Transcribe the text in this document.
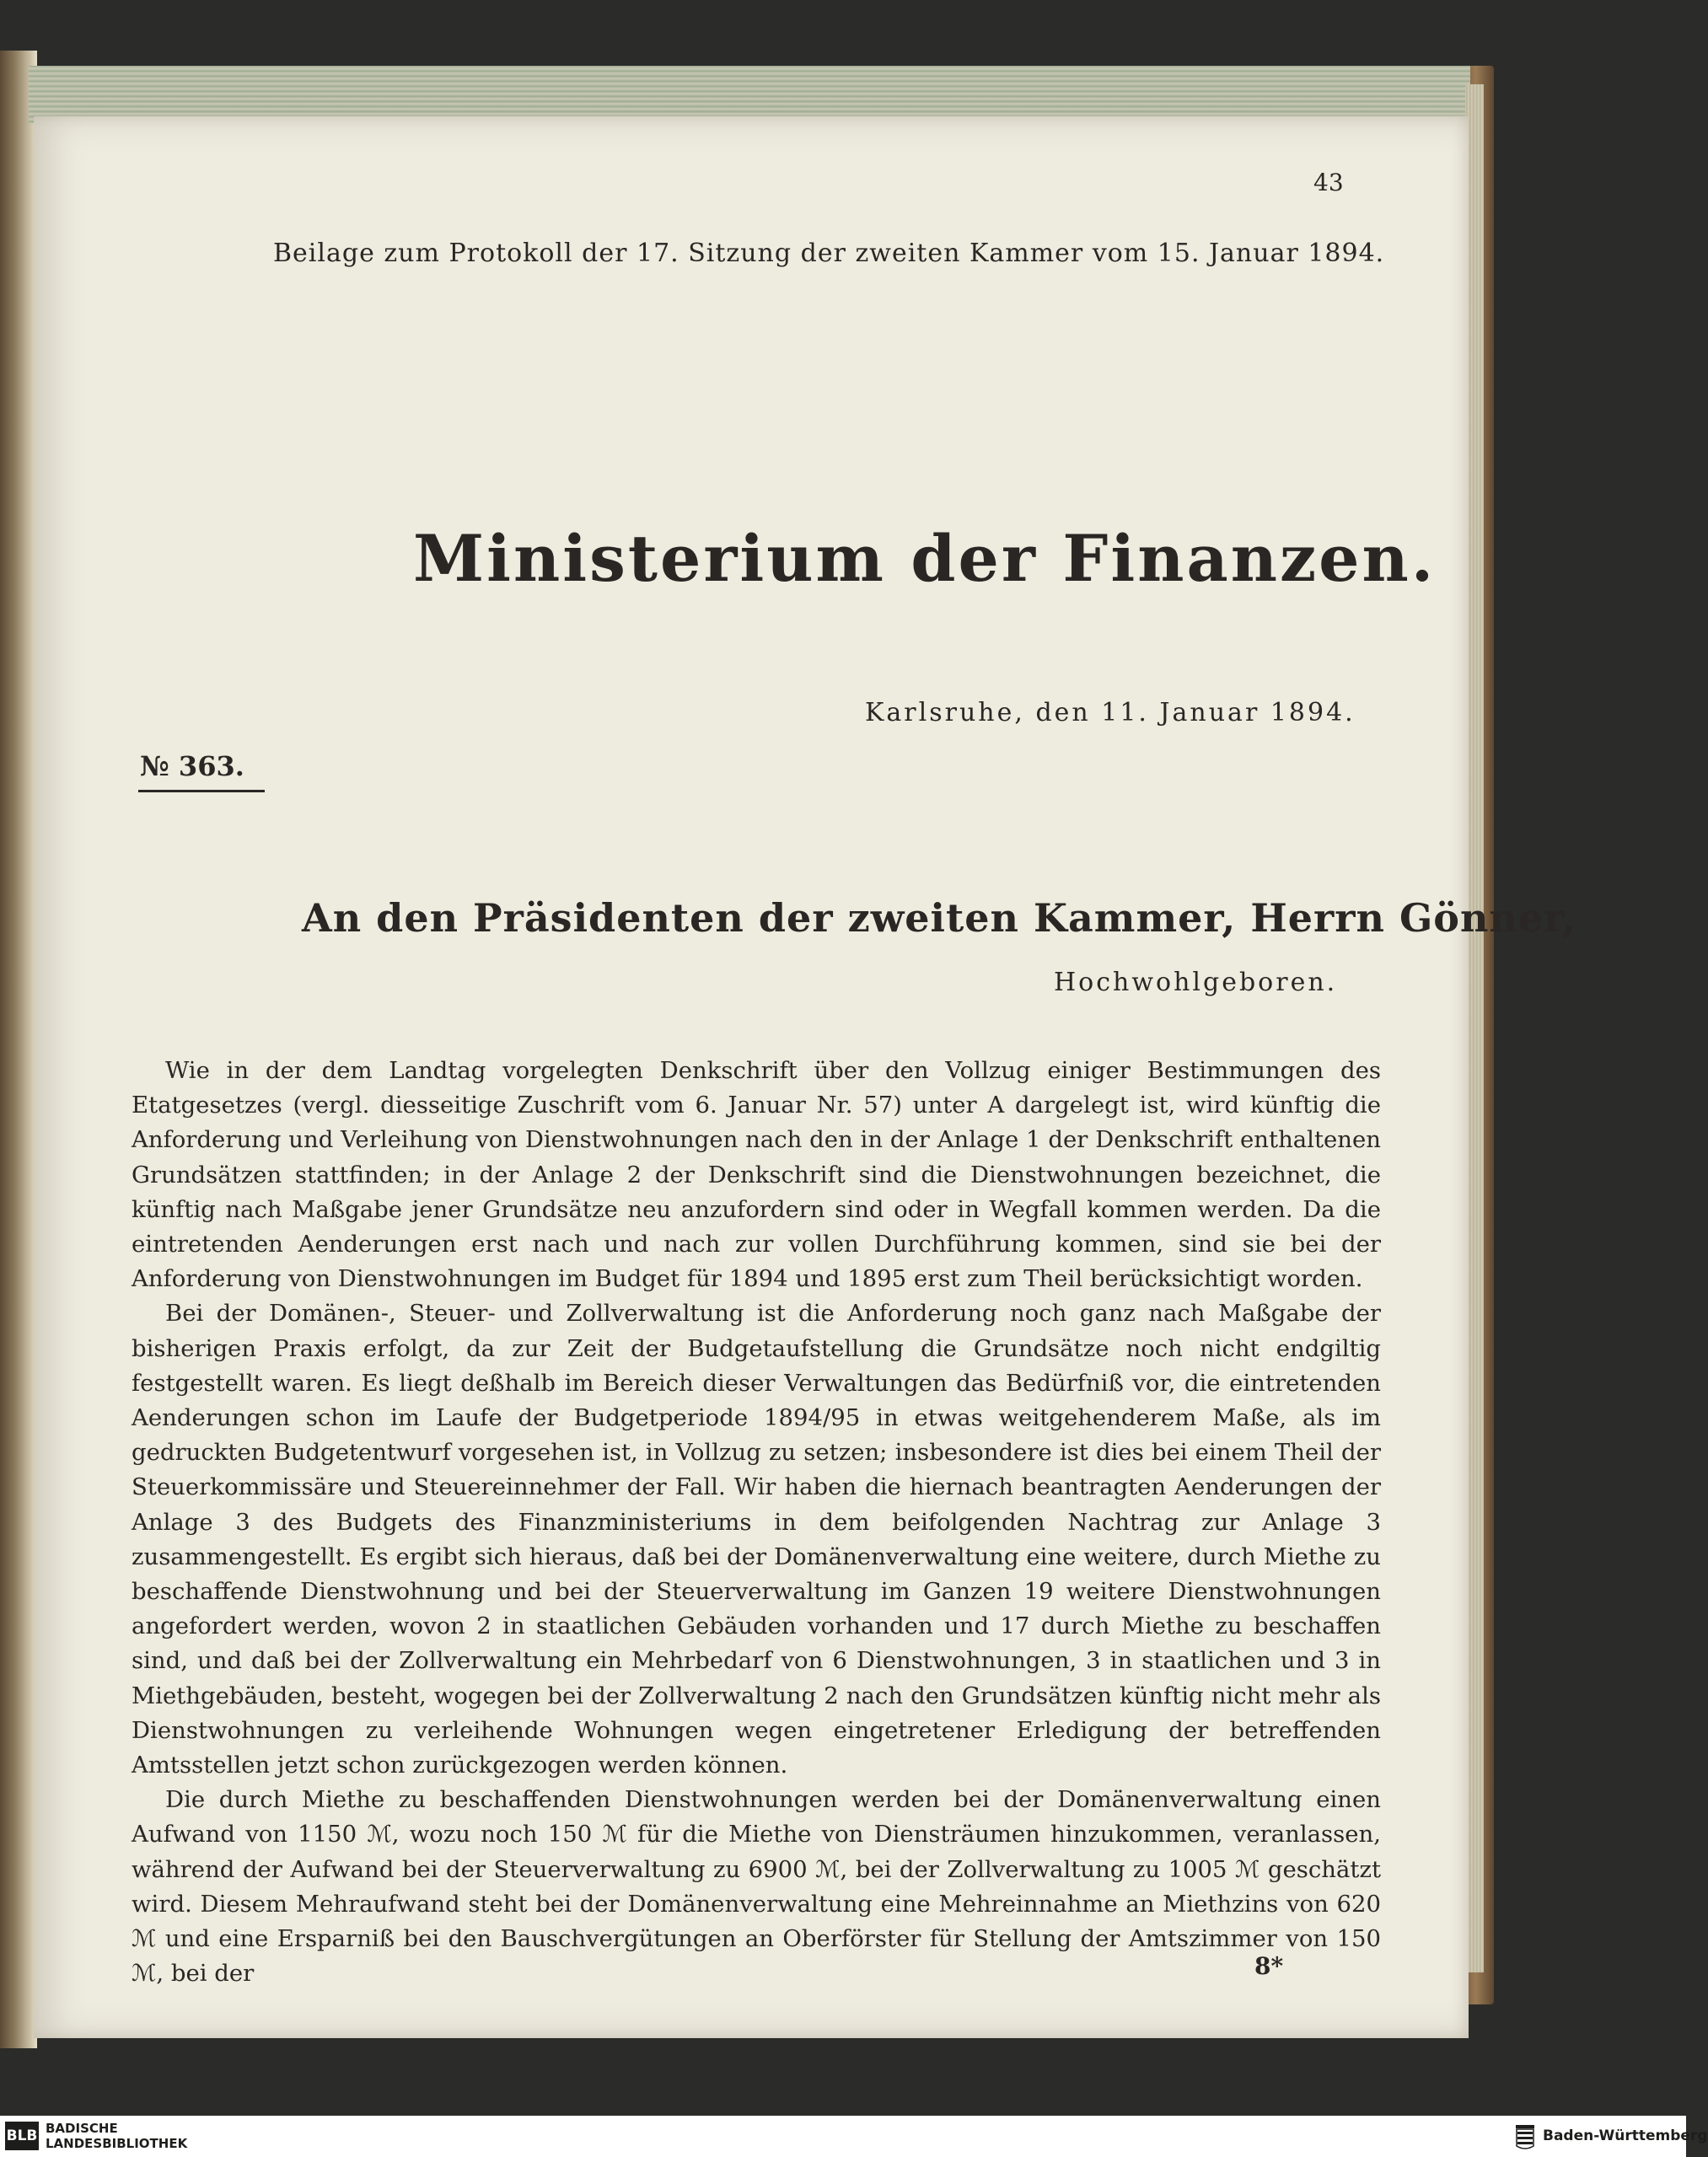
43
Beilage zum Protokoll der 17. Sitzung der zweiten Kammer vom 15. Januar 1894.
Ministerium der Finanzen.
Karlsruhe, den 11. Januar 1894.
№ 363.
An den Präsidenten der zweiten Kammer, Herrn Gönner,
Hochwohlgeboren.

Wie in der dem Landtag vorgelegten Denkschrift über den Vollzug einiger Bestimmungen des Etatgesetzes (vergl. diesseitige Zuschrift vom 6. Januar Nr. 57) unter A dargelegt ist, wird künftig die Anforderung und Verleihung von Dienstwohnungen nach den in der Anlage 1 der Denkschrift enthaltenen Grundsätzen stattfinden; in der Anlage 2 der Denkschrift sind die Dienstwohnungen bezeichnet, die künftig nach Maßgabe jener Grundsätze neu anzufordern sind oder in Wegfall kommen werden. Da die eintretenden Aenderungen erst nach und nach zur vollen Durchführung kommen, sind sie bei der Anforderung von Dienstwohnungen im Budget für 1894 und 1895 erst zum Theil berücksichtigt worden.

Bei der Domänen-, Steuer- und Zollverwaltung ist die Anforderung noch ganz nach Maßgabe der bisherigen Praxis erfolgt, da zur Zeit der Budgetaufstellung die Grundsätze noch nicht endgiltig festgestellt waren. Es liegt deßhalb im Bereich dieser Verwaltungen das Bedürfniß vor, die eintretenden Aenderungen schon im Laufe der Budgetperiode 1894/95 in etwas weitgehenderem Maße, als im gedruckten Budgetentwurf vorgesehen ist, in Vollzug zu setzen; insbesondere ist dies bei einem Theil der Steuerkommissäre und Steuereinnehmer der Fall. Wir haben die hiernach beantragten Aenderungen der Anlage 3 des Budgets des Finanzministeriums in dem beifolgenden Nachtrag zur Anlage 3 zusammengestellt. Es ergibt sich hieraus, daß bei der Domänenverwaltung eine weitere, durch Miethe zu beschaffende Dienstwohnung und bei der Steuerverwaltung im Ganzen 19 weitere Dienstwohnungen angefordert werden, wovon 2 in staatlichen Gebäuden vorhanden und 17 durch Miethe zu beschaffen sind, und daß bei der Zollverwaltung ein Mehrbedarf von 6 Dienstwohnungen, 3 in staatlichen und 3 in Miethgebäuden, besteht, wogegen bei der Zollverwaltung 2 nach den Grundsätzen künftig nicht mehr als Dienstwohnungen zu verleihende Wohnungen wegen eingetretener Erledigung der betreffenden Amtsstellen jetzt schon zurückgezogen werden können.

Die durch Miethe zu beschaffenden Dienstwohnungen werden bei der Domänenverwaltung einen Aufwand von 1150 ℳ, wozu noch 150 ℳ für die Miethe von Diensträumen hinzukommen, veranlassen, während der Aufwand bei der Steuerverwaltung zu 6900 ℳ, bei der Zollverwaltung zu 1005 ℳ geschätzt wird. Diesem Mehraufwand steht bei der Domänenverwaltung eine Mehreinnahme an Miethzins von 620 ℳ und eine Ersparniß bei den Bauschvergütungen an Oberförster für Stellung der Amtszimmer von 150 ℳ, bei der	8*
BLB BADISCHE
LANDESBIBLIOTHEK	Baden-Württemberg
